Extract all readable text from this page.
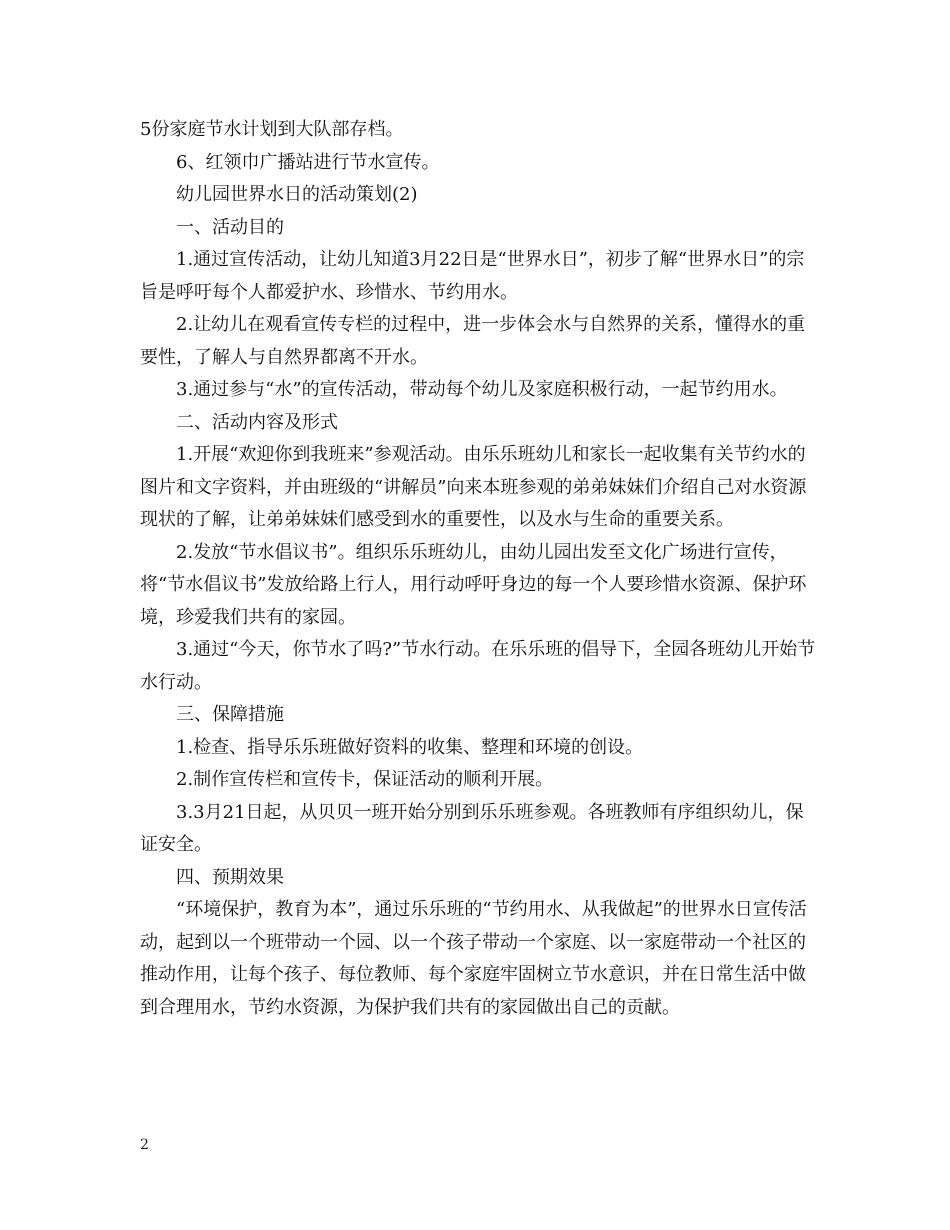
5份家庭节水计划到大队部存档。

6、红领巾广播站进行节水宣传。

幼儿园世界水日的活动策划(2)

一、活动目的

1.通过宣传活动，让幼儿知道3月22日是“世界水日”，初步了解“世界水日”的宗旨是呼吁每个人都爱护水、珍惜水、节约用水。

2.让幼儿在观看宣传专栏的过程中，进一步体会水与自然界的关系，懂得水的重要性，了解人与自然界都离不开水。

3.通过参与“水”的宣传活动，带动每个幼儿及家庭积极行动，一起节约用水。

二、活动内容及形式

1.开展“欢迎你到我班来”参观活动。由乐乐班幼儿和家长一起收集有关节约水的图片和文字资料，并由班级的“讲解员”向来本班参观的弟弟妹妹们介绍自己对水资源现状的了解，让弟弟妹妹们感受到水的重要性，以及水与生命的重要关系。

2.发放“节水倡议书”。组织乐乐班幼儿，由幼儿园出发至文化广场进行宣传，将“节水倡议书”发放给路上行人，用行动呼吁身边的每一个人要珍惜水资源、保护环境，珍爱我们共有的家园。

3.通过“今天，你节水了吗?”节水行动。在乐乐班的倡导下，全园各班幼儿开始节水行动。

三、保障措施

1.检查、指导乐乐班做好资料的收集、整理和环境的创设。

2.制作宣传栏和宣传卡，保证活动的顺利开展。

3.3月21日起，从贝贝一班开始分别到乐乐班参观。各班教师有序组织幼儿，保证安全。

四、预期效果

“环境保护，教育为本”，通过乐乐班的“节约用水、从我做起”的世界水日宣传活动，起到以一个班带动一个园、以一个孩子带动一个家庭、以一家庭带动一个社区的推动作用，让每个孩子、每位教师、每个家庭牢固树立节水意识，并在日常生活中做到合理用水，节约水资源，为保护我们共有的家园做出自己的贡献。

2
